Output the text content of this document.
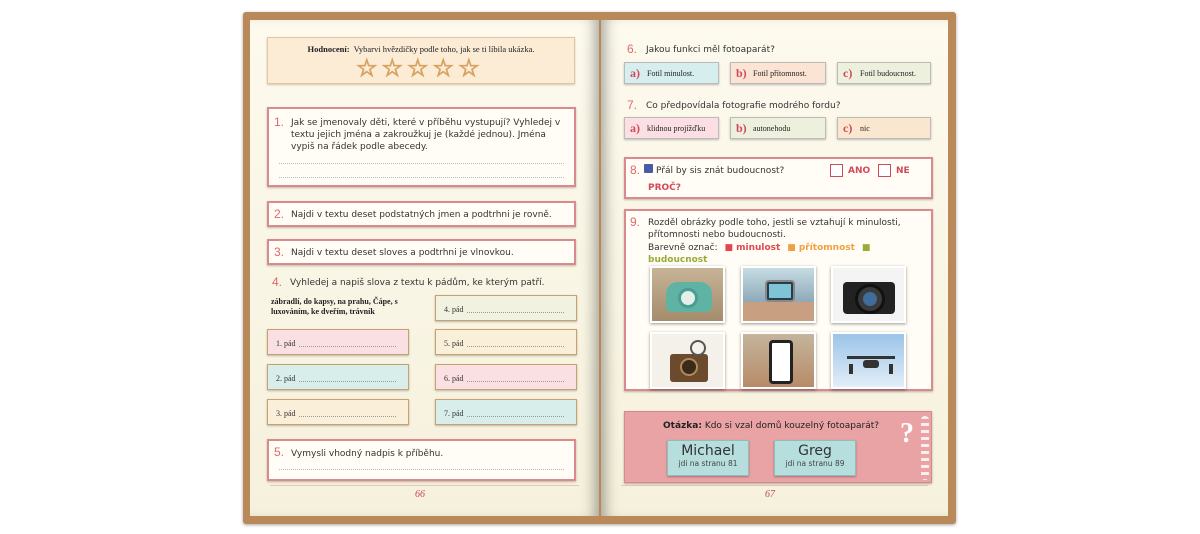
Hodnocení: Vybarvi hvězdičky podle toho, jak se ti líbila ukázka.
☆ ☆ ☆ ☆ ☆
1. Jak se jmenovaly děti, které v příběhu vystupují? Vyhledej v textu jejich jména a zakroužkuj je (každé jednou). Jména vypiš na řádek podle abecedy.
2. Najdi v textu deset podstatných jmen a podtrhni je rovně.
3. Najdi v textu deset sloves a podtrhni je vlnovkou.
4. Vyhledej a napiš slova z textu k pádům, ke kterým patří.
zábradlí, do kapsy, na prahu, Čápe, s luxováním, ke dveřím, trávník	4. pád
1. pád	5. pád
2. pád	6. pád
3. pád	7. pád
5. Vymysli vhodný nadpis k příběhu.
66
6. Jakou funkci měl fotoaparát?
a) Fotil minulost.	b) Fotil přítomnost.	c) Fotil budoucnost.
7. Co předpovídala fotografie modrého fordu?
a) klidnou projížďku	b) autonehodu	c) nic
8. Přál by sis znát budoucnost?	ANO	NE
PROČ?
9. Rozděl obrázky podle toho, jestli se vztahují k minulosti, přítomnosti nebo budoucnosti.
Barevně označ: ■ minulost ■ přítomnost ■ budoucnost
Otázka: Kdo si vzal domů kouzelný fotoaparát?
Michael
jdi na stranu 81
Greg
jdi na stranu 89
?
67
